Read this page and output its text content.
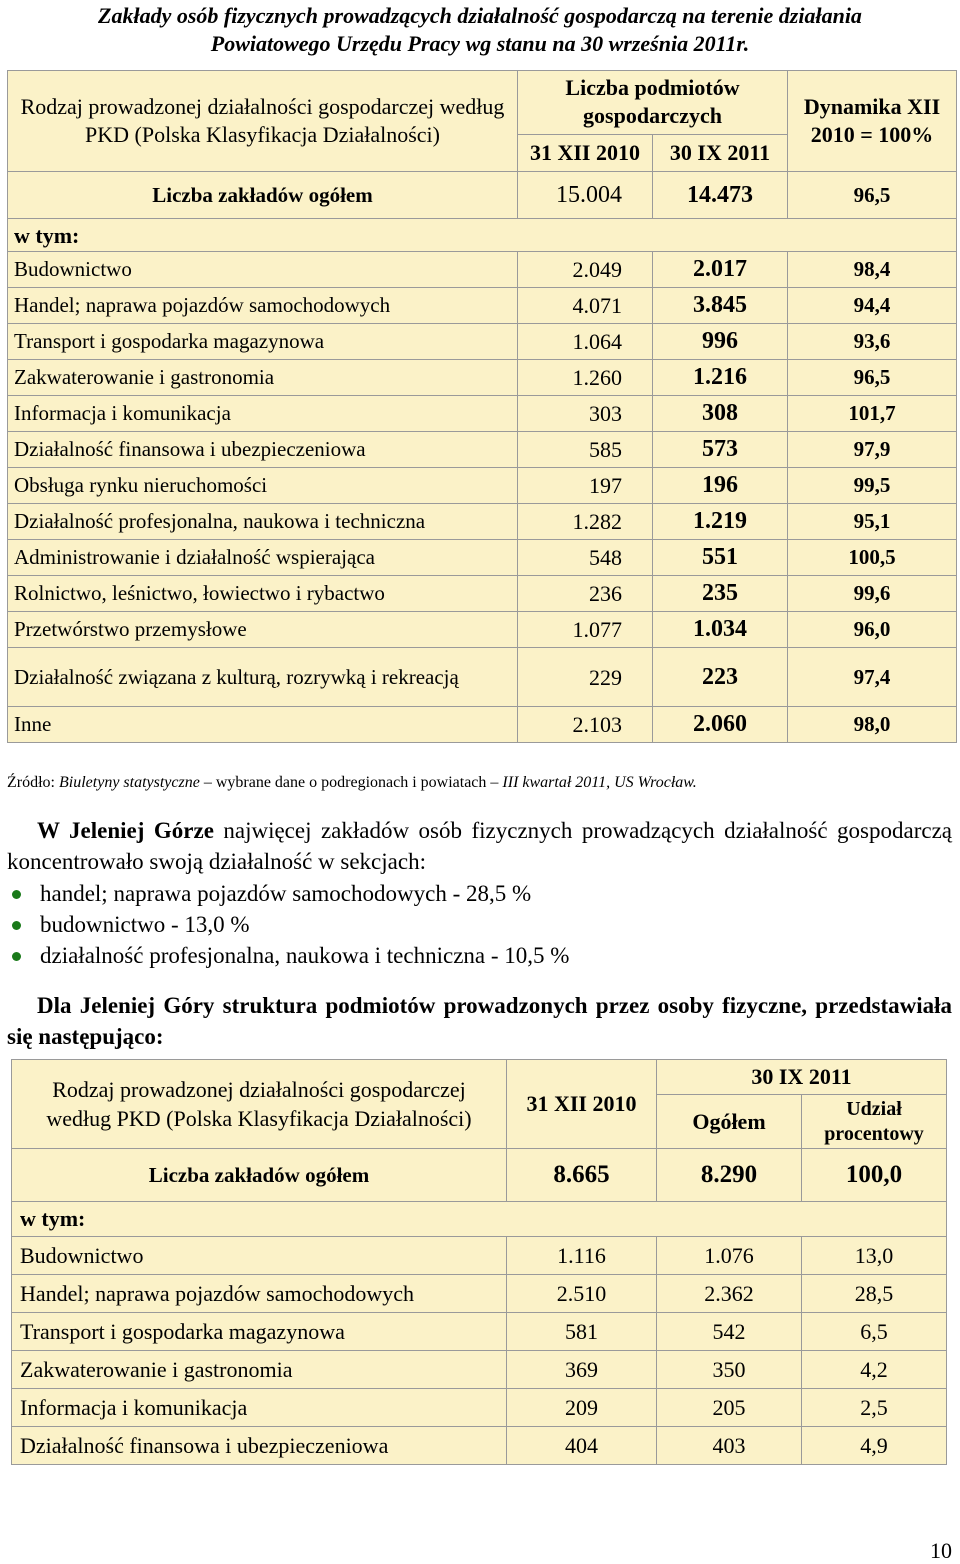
Zakłady osób fizycznych prowadzących działalność gospodarczą na terenie działania
Powiatowego Urzędu Pracy wg stanu na 30 września 2011r.
Rodzaj prowadzonej działalności gospodarczej według PKD (Polska Klasyfikacja Działalności)	Liczba podmiotów gospodarczych		Dynamika XII 2010 = 100%
	31 XII 2010	30 IX 2011	
Liczba zakładów ogółem	15.004	14.473	96,5
w tym:			
Budownictwo	2.049	2.017	98,4
Handel; naprawa pojazdów samochodowych	4.071	3.845	94,4
Transport i gospodarka magazynowa	1.064	996	93,6
Zakwaterowanie i gastronomia	1.260	1.216	96,5
Informacja i komunikacja	303	308	101,7
Działalność finansowa i ubezpieczeniowa	585	573	97,9
Obsługa rynku nieruchomości	197	196	99,5
Działalność profesjonalna, naukowa i techniczna	1.282	1.219	95,1
Administrowanie i działalność wspierająca	548	551	100,5
Rolnictwo, leśnictwo, łowiectwo i rybactwo	236	235	99,6
Przetwórstwo przemysłowe	1.077	1.034	96,0
Działalność związana z kulturą, rozrywką i rekreacją	229	223	97,4
Inne	2.103	2.060	98,0
Źródło: Biuletyny statystyczne – wybrane dane o podregionach i powiatach – III kwartał 2011, US Wrocław.
W Jeleniej Górze najwięcej zakładów osób fizycznych prowadzących działalność gospodarczą koncentrowało swoją działalność w sekcjach:
handel; naprawa pojazdów samochodowych - 28,5 %
budownictwo - 13,0 %
działalność profesjonalna, naukowa i techniczna - 10,5 %
Dla Jeleniej Góry struktura podmiotów prowadzonych przez osoby fizyczne, przedstawiała się następująco:
Rodzaj prowadzonej działalności gospodarczej według PKD (Polska Klasyfikacja Działalności)	31 XII 2010	30 IX 2011	
		Ogółem	Udział procentowy
Liczba zakładów ogółem	8.665	8.290	100,0
w tym:			
Budownictwo	1.116	1.076	13,0
Handel; naprawa pojazdów samochodowych	2.510	2.362	28,5
Transport i gospodarka magazynowa	581	542	6,5
Zakwaterowanie i gastronomia	369	350	4,2
Informacja i komunikacja	209	205	2,5
Działalność finansowa i ubezpieczeniowa	404	403	4,9
10
